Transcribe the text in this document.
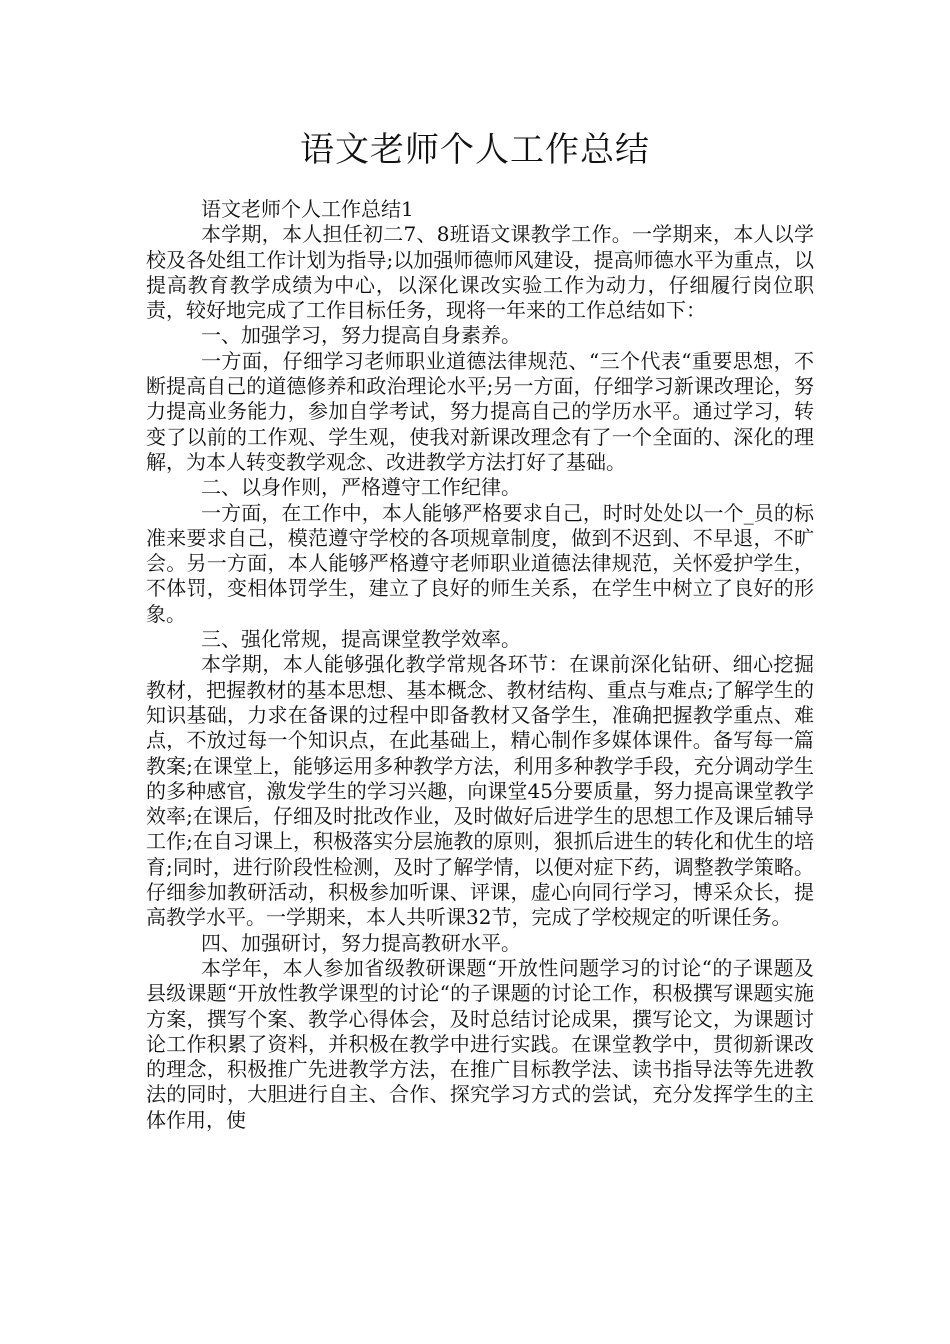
语文老师个人工作总结

语文老师个人工作总结1

本学期，本人担任初二7、8班语文课教学工作。一学期来，本人以学校及各处组工作计划为指导;以加强师德师风建设，提高师德水平为重点，以提高教育教学成绩为中心，以深化课改实验工作为动力，仔细履行岗位职责，较好地完成了工作目标任务，现将一年来的工作总结如下：

一、加强学习，努力提高自身素养。

一方面，仔细学习老师职业道德法律规范、“三个代表“重要思想，不断提高自己的道德修养和政治理论水平;另一方面，仔细学习新课改理论，努力提高业务能力，参加自学考试，努力提高自己的学历水平。通过学习，转变了以前的工作观、学生观，使我对新课改理念有了一个全面的、深化的理解，为本人转变教学观念、改进教学方法打好了基础。

二、以身作则，严格遵守工作纪律。

一方面，在工作中，本人能够严格要求自己，时时处处以一个_员的标准来要求自己，模范遵守学校的各项规章制度，做到不迟到、不早退，不旷会。另一方面，本人能够严格遵守老师职业道德法律规范，关怀爱护学生，不体罚，变相体罚学生，建立了良好的师生关系，在学生中树立了良好的形象。

三、强化常规，提高课堂教学效率。

本学期，本人能够强化教学常规各环节：在课前深化钻研、细心挖掘教材，把握教材的基本思想、基本概念、教材结构、重点与难点;了解学生的知识基础，力求在备课的过程中即备教材又备学生，准确把握教学重点、难点，不放过每一个知识点，在此基础上，精心制作多媒体课件。备写每一篇教案;在课堂上，能够运用多种教学方法，利用多种教学手段，充分调动学生的多种感官，激发学生的学习兴趣，向课堂45分要质量，努力提高课堂教学效率;在课后，仔细及时批改作业，及时做好后进学生的思想工作及课后辅导工作;在自习课上，积极落实分层施教的原则，狠抓后进生的转化和优生的培育;同时，进行阶段性检测，及时了解学情，以便对症下药，调整教学策略。仔细参加教研活动，积极参加听课、评课，虚心向同行学习，博采众长，提高教学水平。一学期来，本人共听课32节，完成了学校规定的听课任务。

四、加强研讨，努力提高教研水平。

本学年，本人参加省级教研课题“开放性问题学习的讨论“的子课题及县级课题“开放性教学课型的讨论“的子课题的讨论工作，积极撰写课题实施方案，撰写个案、教学心得体会，及时总结讨论成果，撰写论文，为课题讨论工作积累了资料，并积极在教学中进行实践。在课堂教学中，贯彻新课改的理念，积极推广先进教学方法，在推广目标教学法、读书指导法等先进教法的同时，大胆进行自主、合作、探究学习方式的尝试，充分发挥学生的主体作用，使
